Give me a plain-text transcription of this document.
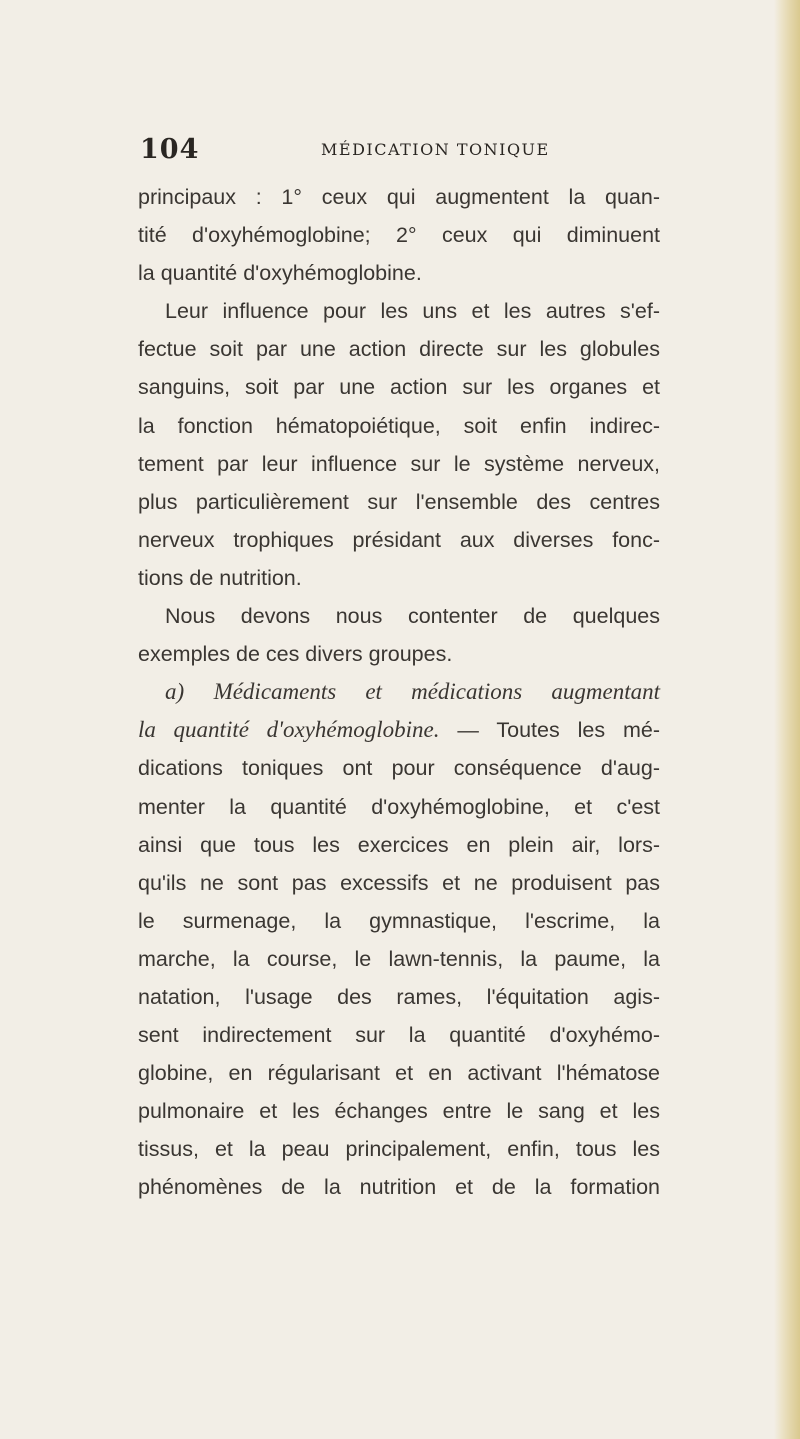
104	MÉDICATION TONIQUE
principaux : 1° ceux qui augmentent la quan-
tité d'oxyhémoglobine; 2° ceux qui diminuent
la quantité d'oxyhémoglobine.
Leur influence pour les uns et les autres s'ef-
fectue soit par une action directe sur les globules
sanguins, soit par une action sur les organes et
la fonction hématopoiétique, soit enfin indirec-
tement par leur influence sur le système nerveux,
plus particulièrement sur l'ensemble des centres
nerveux trophiques présidant aux diverses fonc-
tions de nutrition.
Nous devons nous contenter de quelques
exemples de ces divers groupes.
a) Médicaments et médications augmentant
la quantité d'oxyhémoglobine. — Toutes les mé-
dications toniques ont pour conséquence d'aug-
menter la quantité d'oxyhémoglobine, et c'est
ainsi que tous les exercices en plein air, lors-
qu'ils ne sont pas excessifs et ne produisent pas
le surmenage, la gymnastique, l'escrime, la
marche, la course, le lawn-tennis, la paume, la
natation, l'usage des rames, l'équitation agis-
sent indirectement sur la quantité d'oxyhémo-
globine, en régularisant et en activant l'hématose
pulmonaire et les échanges entre le sang et les
tissus, et la peau principalement, enfin, tous les
phénomènes de la nutrition et de la formation
